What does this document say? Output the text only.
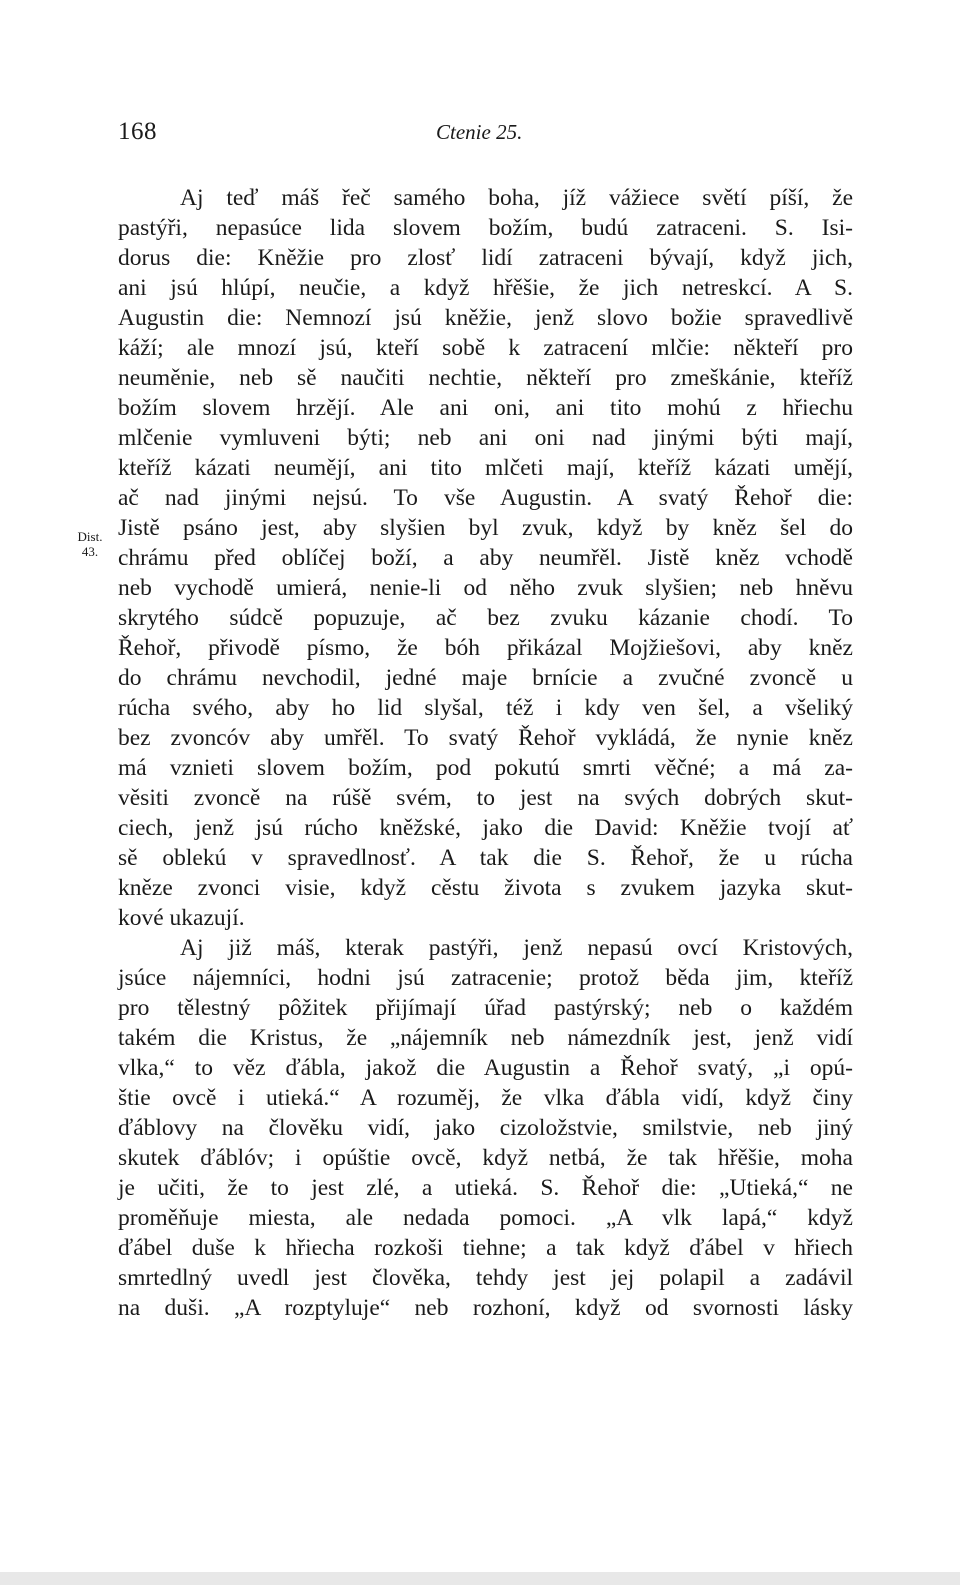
168	Ctenie 25.
Dist.
43.
Aj teď máš řeč samého boha, jíž vážiece světí píší, že
pastýři, nepasúce lida slovem božím, budú zatraceni. S. Isi-
dorus die: Kněžie pro zlosť lidí zatraceni bývají, když jich,
ani jsú hlúpí, neučie, a když hřěšie, že jich netreskcí. A S.
Augustin die: Nemnozí jsú kněžie, jenž slovo božie spravedlivě
káží; ale mnozí jsú, kteří sobě k zatracení mlčie: někteří pro
neuměnie, neb sě naučiti nechtie, někteří pro zmeškánie, kteříž
božím slovem hrzějí. Ale ani oni, ani tito mohú z hřiechu
mlčenie vymluveni býti; neb ani oni nad jinými býti mají,
kteříž kázati neumějí, ani tito mlčeti mají, kteříž kázati umějí,
ač nad jinými nejsú. To vše Augustin. A svatý Řehoř die:
Jistě psáno jest, aby slyšien byl zvuk, když by kněz šel do
chrámu před oblíčej boží, a aby neumřěl. Jistě kněz vchodě
neb vychodě umierá, nenie-li od něho zvuk slyšien; neb hněvu
skrytého súdcě popuzuje, ač bez zvuku kázanie chodí. To
Řehoř, přivodě písmo, že bóh přikázal Mojžiešovi, aby kněz
do chrámu nevchodil, jedné maje brnície a zvučné zvoncě u
rúcha svého, aby ho lid slyšal, též i kdy ven šel, a všeliký
bez zvoncóv aby umřěl. To svatý Řehoř vykládá, že nynie kněz
má vznieti slovem božím, pod pokutú smrti věčné; a má za-
věsiti zvoncě na rúšě svém, to jest na svých dobrých skut-
ciech, jenž jsú rúcho kněžské, jako die David: Kněžie tvojí ať
sě oblekú v spravedlnosť. A tak die S. Řehoř, že u rúcha
kněze zvonci visie, když cěstu života s zvukem jazyka skut-
kové ukazují.
Aj již máš, kterak pastýři, jenž nepasú ovcí Kristových,
jsúce nájemníci, hodni jsú zatracenie; protož běda jim, kteříž
pro tělestný pôžitek přijímají úřad pastýrský; neb o každém
takém die Kristus, že „nájemník neb námezdník jest, jenž vidí
vlka,“ to věz ďábla, jakož die Augustin a Řehoř svatý, „i opú-
štie ovcě i utieká.“ A rozuměj, že vlka ďábla vidí, když činy
ďáblovy na člověku vidí, jako cizoložstvie, smilstvie, neb jiný
skutek ďáblóv; i opúštie ovcě, když netbá, že tak hřěšie, moha
je učiti, že to jest zlé, a utieká. S. Řehoř die: „Utieká,“ ne
proměňuje miesta, ale nedada pomoci. „A vlk lapá,“ když
ďábel duše k hřiecha rozkoši tiehne; a tak když ďábel v hřiech
smrtedlný uvedl jest člověka, tehdy jest jej polapil a zadávil
na duši. „A rozptyluje“ neb rozhoní, když od svornosti lásky
